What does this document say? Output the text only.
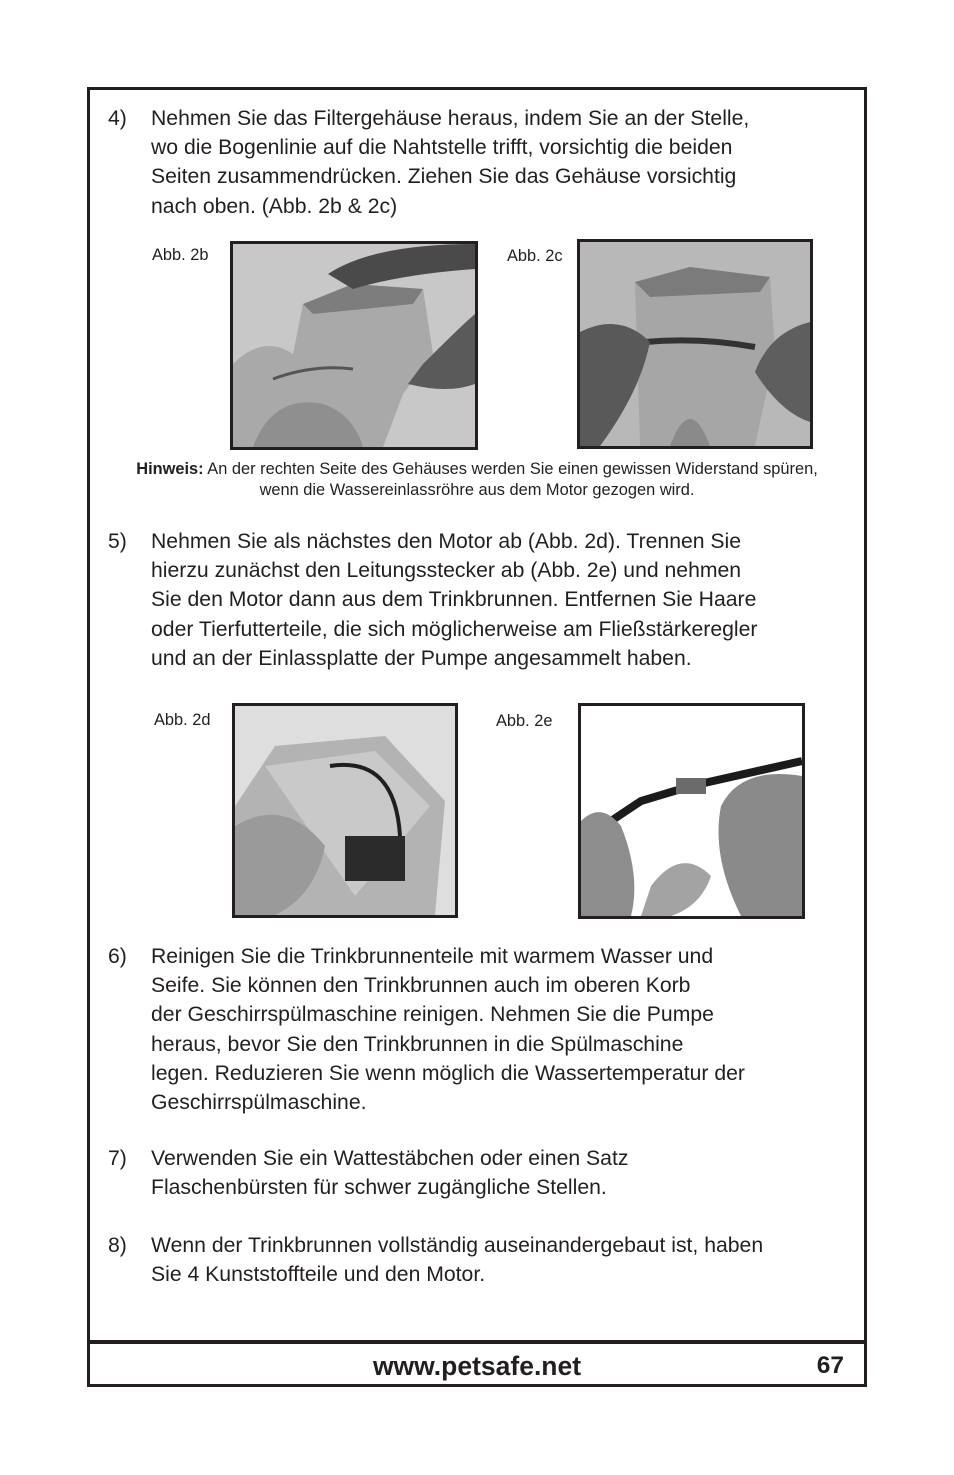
4) Nehmen Sie das Filtergehäuse heraus, indem Sie an der Stelle,
wo die Bogenlinie auf die Nahtstelle trifft, vorsichtig die beiden
Seiten zusammendrücken. Ziehen Sie das Gehäuse vorsichtig
nach oben. (Abb. 2b & 2c)
Abb. 2b	Abb. 2c
Hinweis: An der rechten Seite des Gehäuses werden Sie einen gewissen Widerstand spüren, wenn die Wassereinlassröhre aus dem Motor gezogen wird.
5) Nehmen Sie als nächstes den Motor ab (Abb. 2d). Trennen Sie
hierzu zunächst den Leitungsstecker ab (Abb. 2e) und nehmen
Sie den Motor dann aus dem Trinkbrunnen. Entfernen Sie Haare
oder Tierfutterteile, die sich möglicherweise am Fließstärkeregler
und an der Einlassplatte der Pumpe angesammelt haben.
Abb. 2d	Abb. 2e
6) Reinigen Sie die Trinkbrunnenteile mit warmem Wasser und
Seife. Sie können den Trinkbrunnen auch im oberen Korb
der Geschirrspülmaschine reinigen. Nehmen Sie die Pumpe
heraus, bevor Sie den Trinkbrunnen in die Spülmaschine
legen. Reduzieren Sie wenn möglich die Wassertemperatur der
Geschirrspülmaschine.
7) Verwenden Sie ein Wattestäbchen oder einen Satz
Flaschenbürsten für schwer zugängliche Stellen.
8) Wenn der Trinkbrunnen vollständig auseinandergebaut ist, haben
Sie 4 Kunststoffteile und den Motor.
www.petsafe.net	67
